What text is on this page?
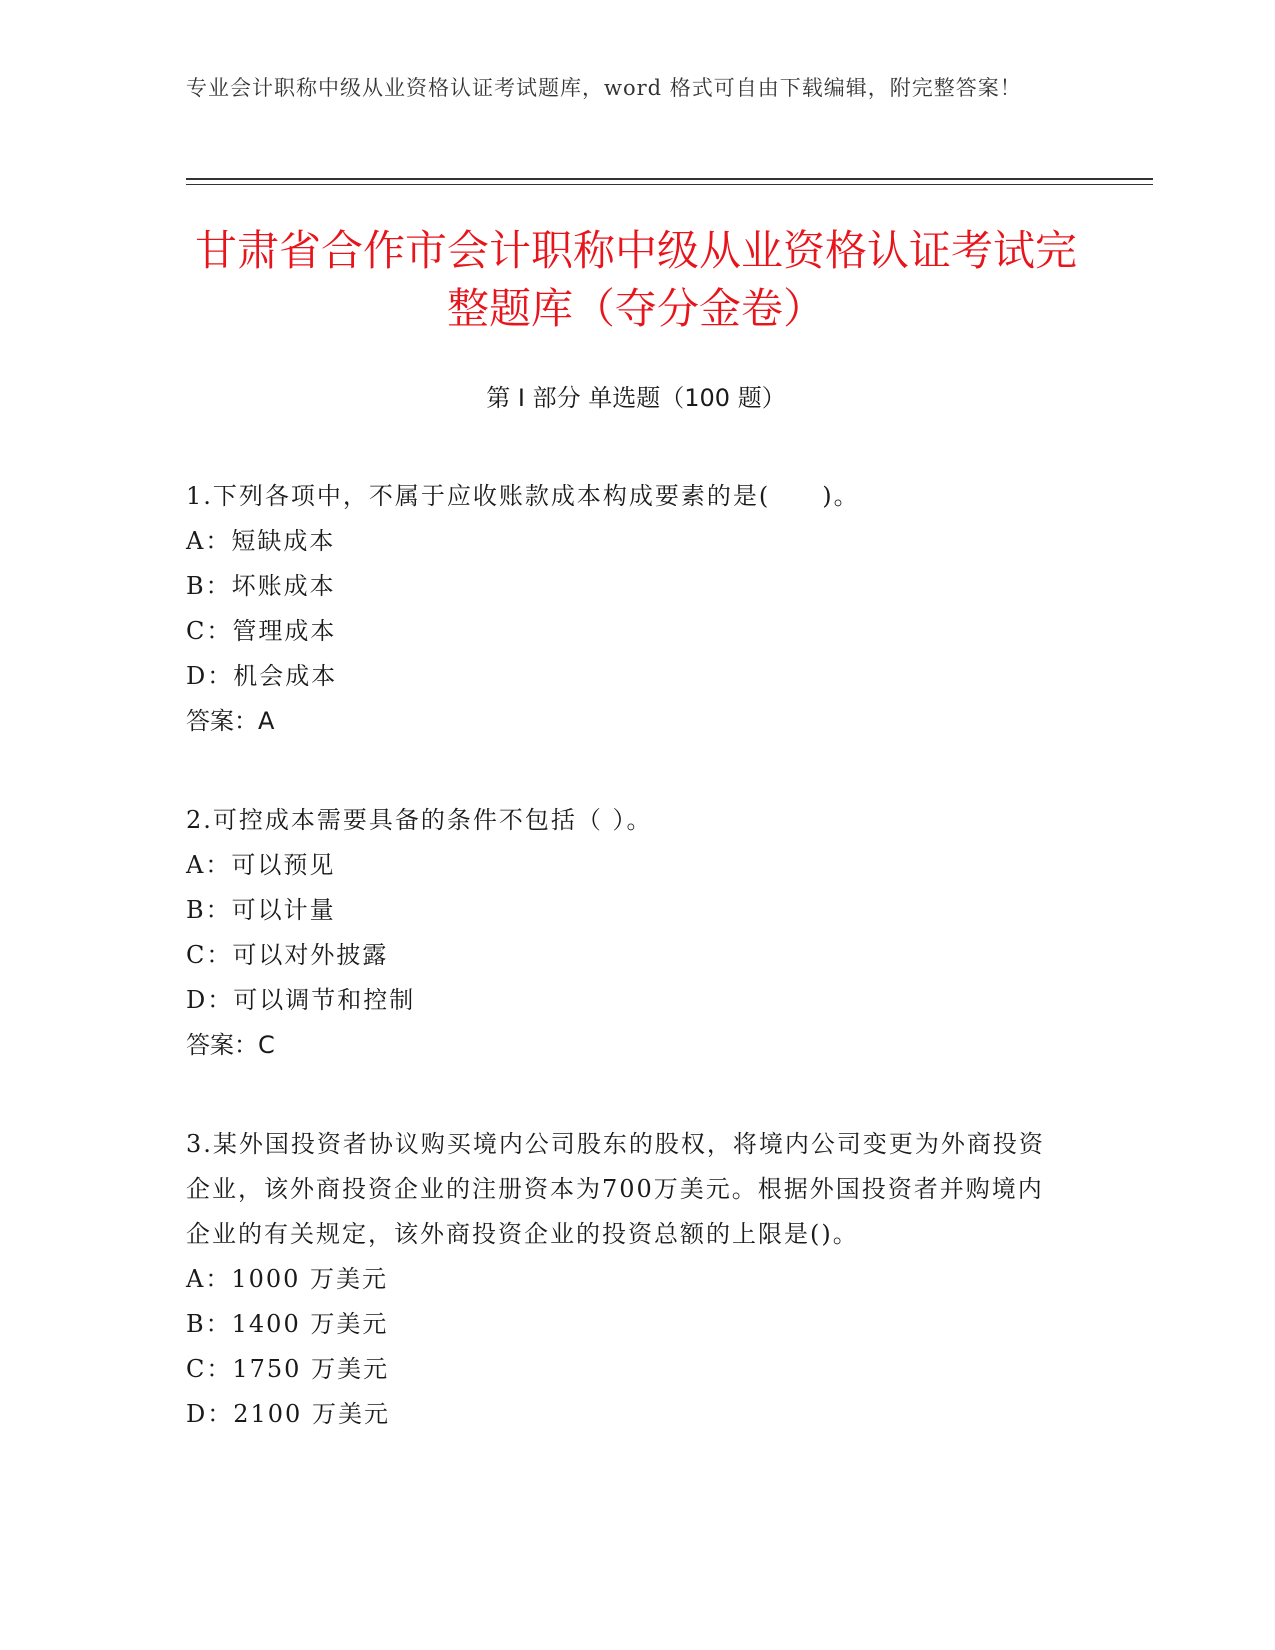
专业会计职称中级从业资格认证考试题库，word 格式可自由下载编辑，附完整答案！
甘肃省合作市会计职称中级从业资格认证考试完整题库（夺分金卷）
第 I 部分 单选题（100 题）

1.下列各项中，不属于应收账款成本构成要素的是(　　)。

A：短缺成本

B：坏账成本

C：管理成本

D：机会成本

答案：A

2.可控成本需要具备的条件不包括（ ）。

A：可以预见

B：可以计量

C：可以对外披露

D：可以调节和控制

答案：C

3.某外国投资者协议购买境内公司股东的股权，将境内公司变更为外商投资企业，该外商投资企业的注册资本为700万美元。根据外国投资者并购境内企业的有关规定，该外商投资企业的投资总额的上限是()。

A：1000 万美元

B：1400 万美元

C：1750 万美元

D：2100 万美元
